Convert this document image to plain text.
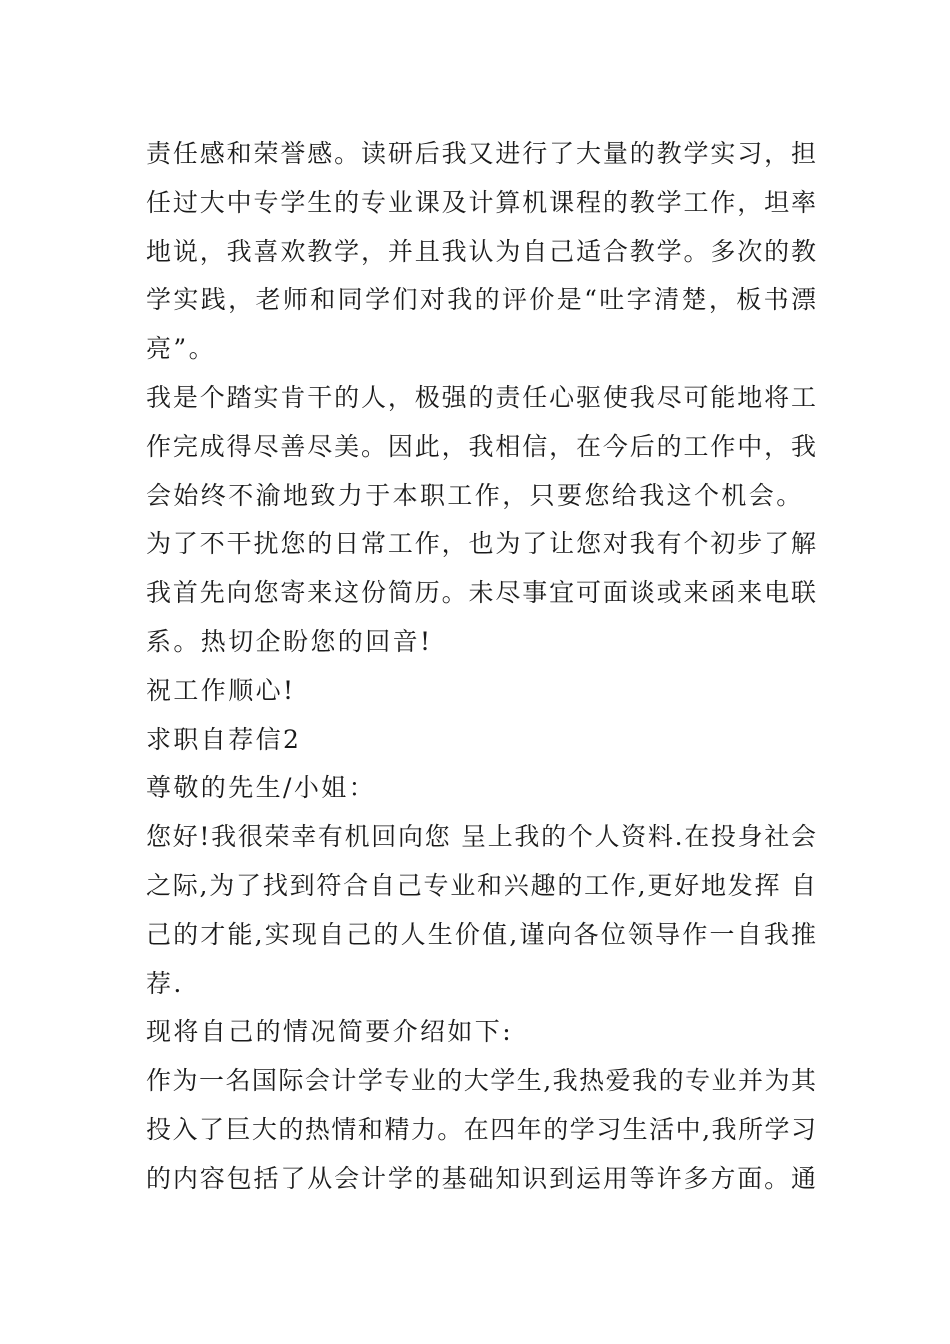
责任感和荣誉感。读研后我又进行了大量的教学实习，担
任过大中专学生的专业课及计算机课程的教学工作，坦率
地说，我喜欢教学，并且我认为自己适合教学。多次的教
学实践，老师和同学们对我的评价是“吐字清楚，板书漂
亮”。
我是个踏实肯干的人，极强的责任心驱使我尽可能地将工
作完成得尽善尽美。因此，我相信，在今后的工作中，我
会始终不渝地致力于本职工作，只要您给我这个机会。
为了不干扰您的日常工作，也为了让您对我有个初步了解
我首先向您寄来这份简历。未尽事宜可面谈或来函来电联
系。热切企盼您的回音!
祝工作顺心!
求职自荐信2
尊敬的先生/小姐：
您好!我很荣幸有机回向您 呈上我的个人资料.在投身社会
之际,为了找到符合自己专业和兴趣的工作,更好地发挥 自
己的才能,实现自己的人生价值,谨向各位领导作一自我推
荐.
现将自己的情况简要介绍如下:
作为一名国际会计学专业的大学生,我热爱我的专业并为其
投入了巨大的热情和精力。在四年的学习生活中,我所学习
的内容包括了从会计学的基础知识到运用等许多方面。通
